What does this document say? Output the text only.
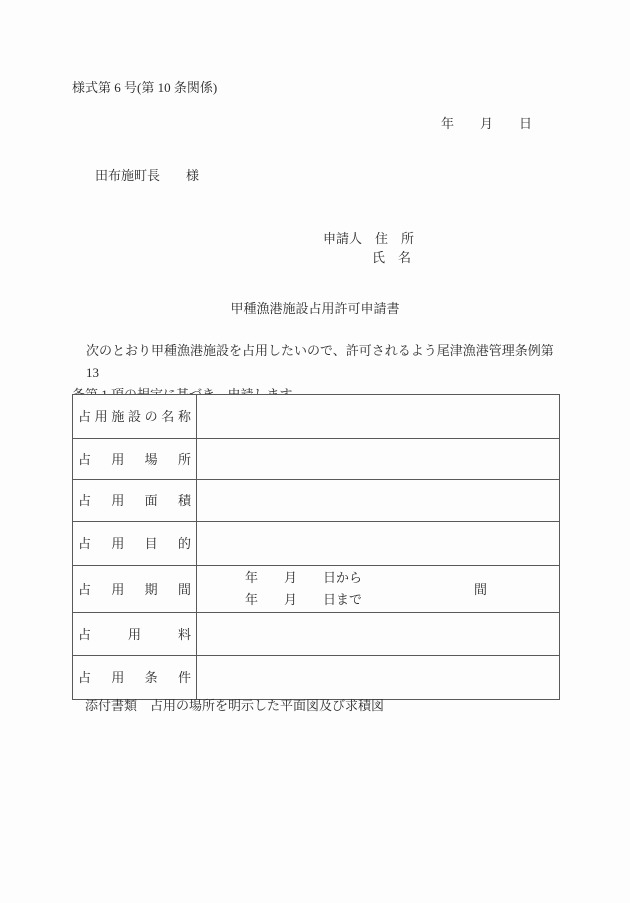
様式第 6 号(第 10 条関係)
年　　月　　日
田布施町長　　様
申請人　住　所
氏　名
甲種漁港施設占用許可申請書
次のとおり甲種漁港施設を占用したいので、許可されるよう尾津漁港管理条例第 13
占 用 施 設 の 名 称
占 用 場 所
占 用 面 積
占 用 目 的
占 用 期 間
年　　月　　日から
年　　月　　日まで
間
占	用	料
占 用 条 件
添付書類　占用の場所を明示した平面図及び求積図
